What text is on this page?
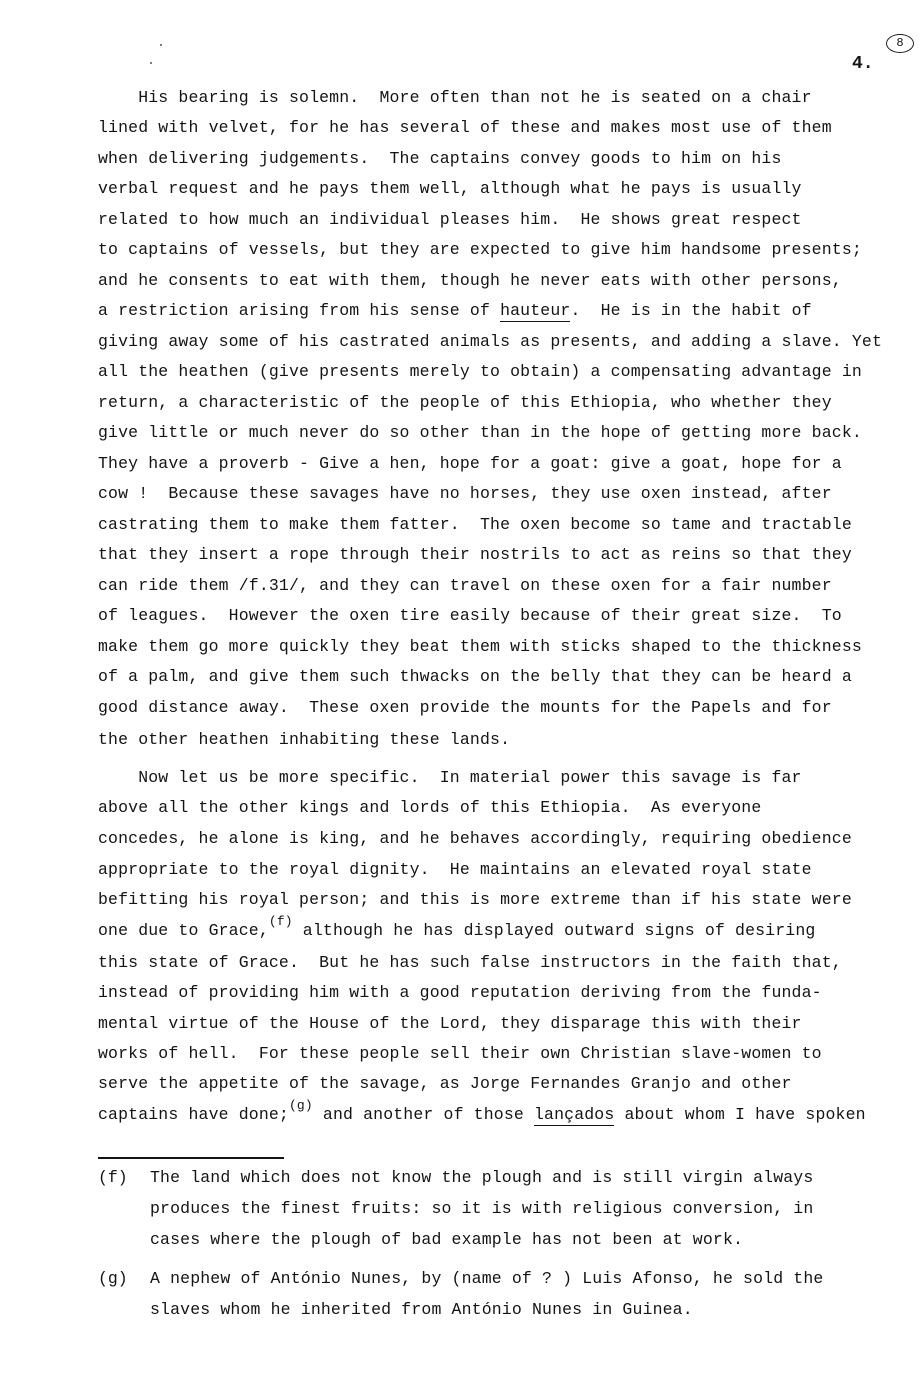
8
4.
His bearing is solemn.  More often than not he is seated on a chair
lined with velvet, for he has several of these and makes most use of them
when delivering judgements.  The captains convey goods to him on his
verbal request and he pays them well, although what he pays is usually
related to how much an individual pleases him.  He shows great respect
to captains of vessels, but they are expected to give him handsome presents;
and he consents to eat with them, though he never eats with other persons,
a restriction arising from his sense of hauteur.  He is in the habit of
giving away some of his castrated animals as presents, and adding a slave. Yet
all the heathen (give presents merely to obtain) a compensating advantage in
return, a characteristic of the people of this Ethiopia, who whether they
give little or much never do so other than in the hope of getting more back.
They have a proverb - Give a hen, hope for a goat: give a goat, hope for a
cow !  Because these savages have no horses, they use oxen instead, after
castrating them to make them fatter.  The oxen become so tame and tractable
that they insert a rope through their nostrils to act as reins so that they
can ride them /f.31/, and they can travel on these oxen for a fair number
of leagues.  However the oxen tire easily because of their great size.  To
make them go more quickly they beat them with sticks shaped to the thickness
of a palm, and give them such thwacks on the belly that they can be heard a
good distance away.  These oxen provide the mounts for the Papels and for
the other heathen inhabiting these lands.
Now let us be more specific.  In material power this savage is far
above all the other kings and lords of this Ethiopia.  As everyone
concedes, he alone is king, and he behaves accordingly, requiring obedience
appropriate to the royal dignity.  He maintains an elevated royal state
befitting his royal person; and this is more extreme than if his state were
one due to Grace,$^{(f)}$ although he has displayed outward signs of desiring
this state of Grace.  But he has such false instructors in the faith that,
instead of providing him with a good reputation deriving from the funda-
mental virtue of the House of the Lord, they disparage this with their
works of hell.  For these people sell their own Christian slave-women to
serve the appetite of the savage, as Jorge Fernandes Granjo and other
captains have done;$^{(g)}$ and another of those lançados about whom I have spoken
(f) The land which does not know the plough and is still virgin always
produces the finest fruits: so it is with religious conversion, in
cases where the plough of bad example has not been at work.
(g) A nephew of António Nunes, by (name of ? ) Luis Afonso, he sold the
slaves whom he inherited from António Nunes in Guinea.
